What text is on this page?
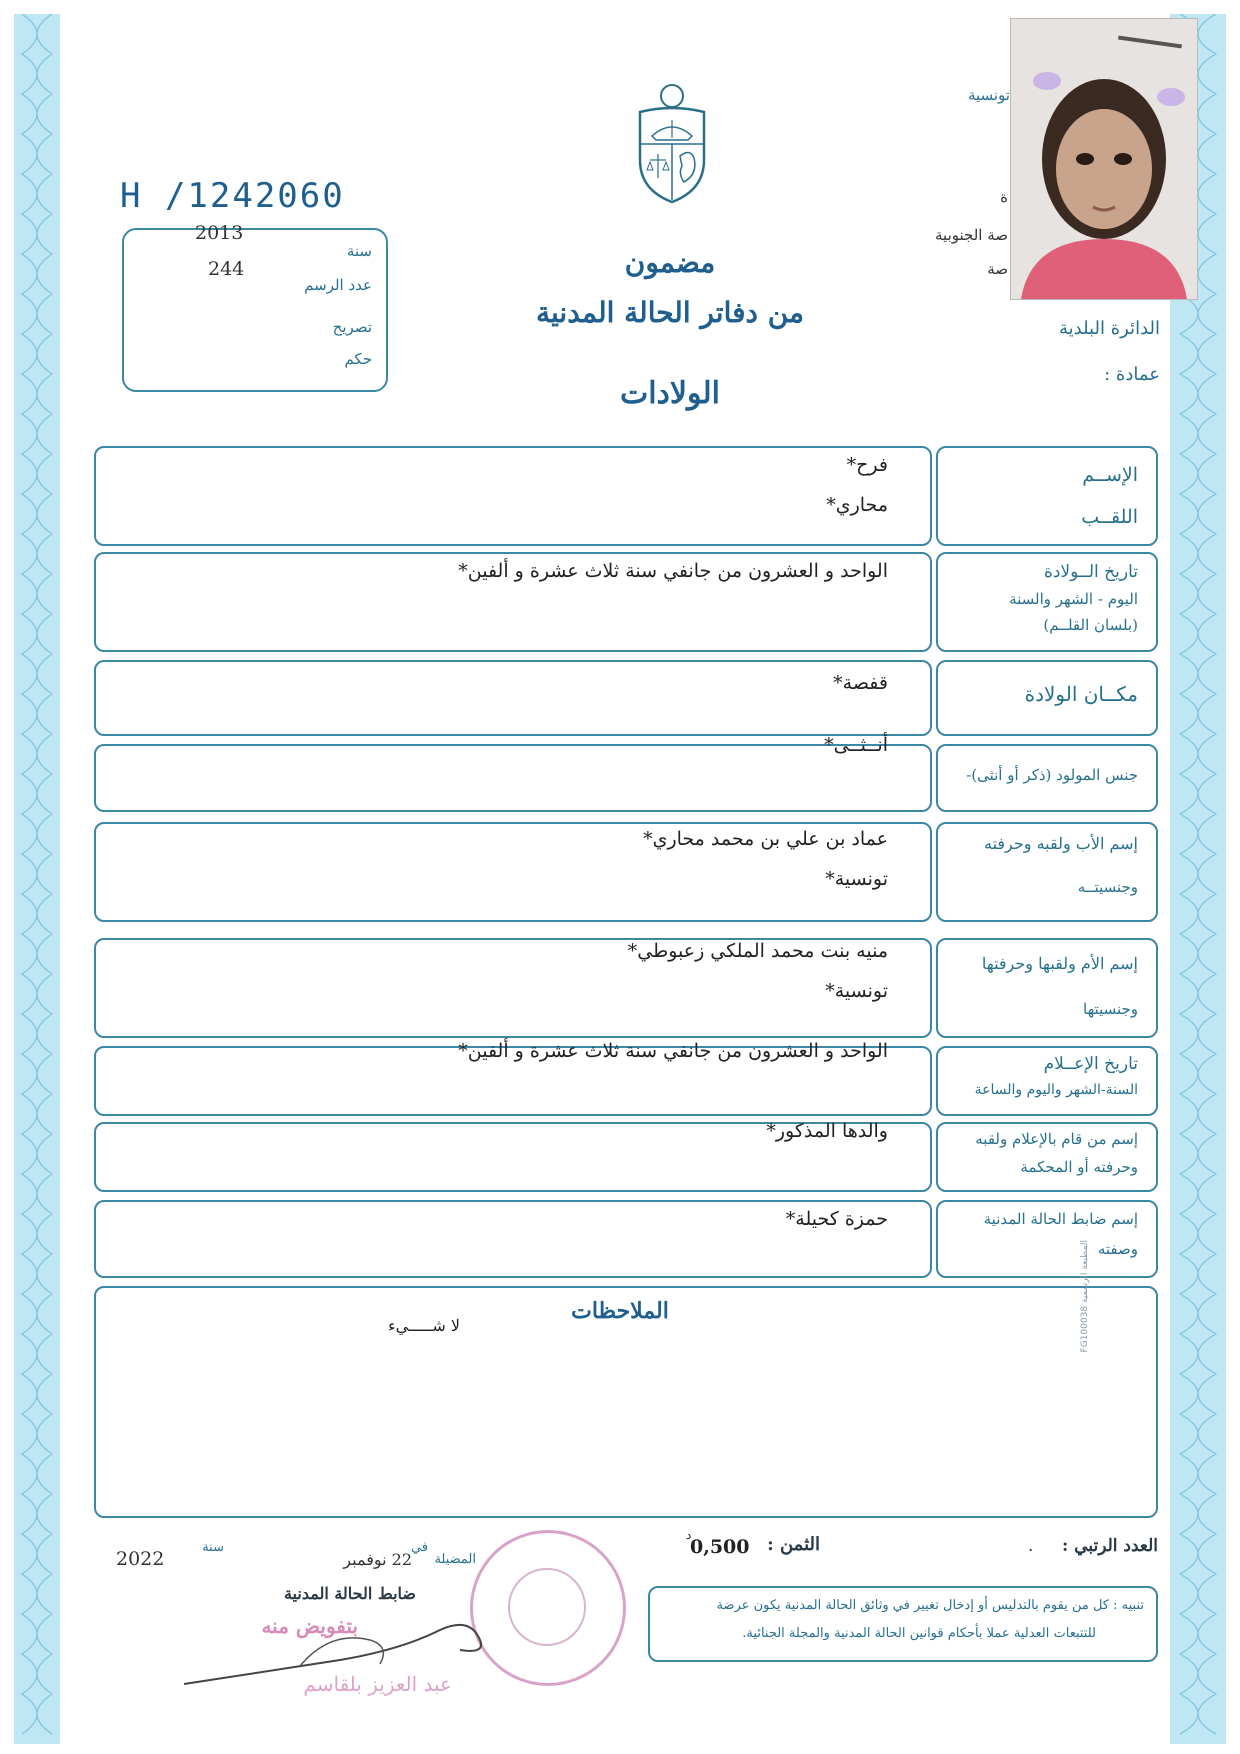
H /1242060
2013
244
سنة
عدد الرسم
تصريح
حكم
تونسية
ة
صة الجنوبية
صة
الدائرة البلدية
عمادة :
مضمون
من دفاتر الحالة المدنية
الولادات
الإســم
اللقــب
فرح*
محاري*
تاريخ الــولادة
اليوم - الشهر والسنة
(بلسان القلــم)
الواحد و العشرون من جانفي سنة ثلاث عشرة و ألفين*
مكــان الولادة
قفصة*
جنس المولود (ذكر أو أنثى)-
أنــثــى*
إسم الأب ولقبه وحرفته
وجنسيتــه
عماد بن علي بن محمد محاري*
تونسية*
إسم الأم ولقبها وحرفتها
وجنسيتها
منيه بنت محمد الملكي زعبوطي*
تونسية*
تاريخ الإعــلام
السنة-الشهر واليوم والساعة
الواحد و العشرون من جانفي سنة ثلاث عشرة و ألفين*
إسم من قام بالإعلام ولقبه
وحرفته أو المحكمة
والدها المذكور*
إسم ضابط الحالة المدنية
وصفته
حمزة كحيلة*
الملاحظات
لا شـــــيء	المطبعة الرسمية FG100038
العدد الرتبي :
.
الثمن :
0,500
د
سنة
2022
في
المضيلة
22 نوفمبر
ضابط الحالة المدنية
بتفويض منه
عبد العزيز بلقاسم
تنبيه : كل من يقوم بالتدليس أو إدخال تغيير في وثائق الحالة المدنية يكون عرضة
للتتبعات العدلية عملا بأحكام قوانين الحالة المدنية والمجلة الجنائية.
